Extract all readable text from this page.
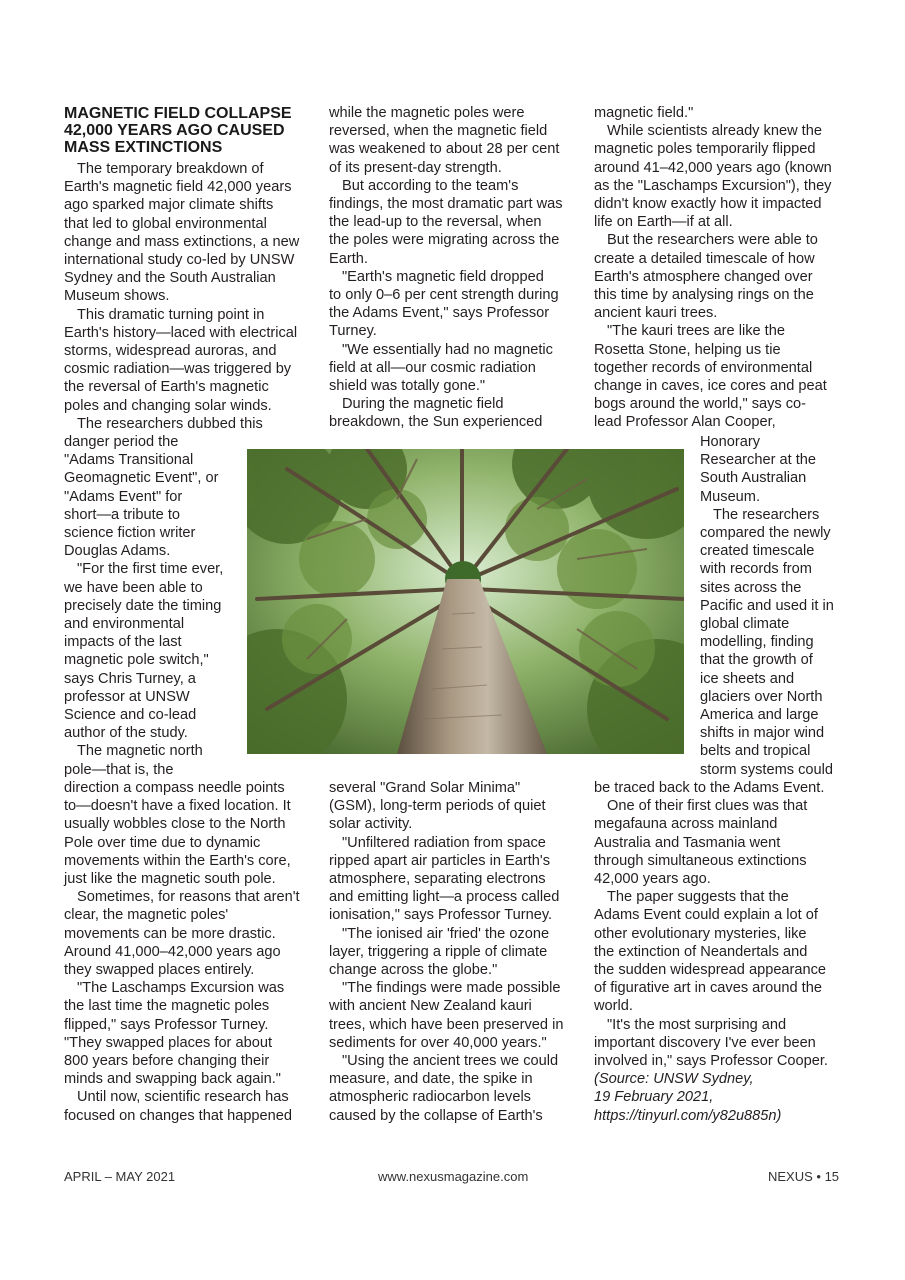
MAGNETIC FIELD COLLAPSE
42,000 YEARS AGO CAUSED
MASS EXTINCTIONS
The temporary breakdown of
Earth's magnetic field 42,000 years
ago sparked major climate shifts
that led to global environmental
change and mass extinctions, a new
international study co-led by UNSW
Sydney and the South Australian
Museum shows.
This dramatic turning point in
Earth's history—laced with electrical
storms, widespread auroras, and
cosmic radiation—was triggered by
the reversal of Earth's magnetic
poles and changing solar winds.
The researchers dubbed this
danger period the
"Adams Transitional
Geomagnetic Event", or
"Adams Event" for
short—a tribute to
science fiction writer
Douglas Adams.
"For the first time ever,
we have been able to
precisely date the timing
and environmental
impacts of the last
magnetic pole switch,"
says Chris Turney, a
professor at UNSW
Science and co-lead
author of the study.
The magnetic north
pole—that is, the
direction a compass needle points
to—doesn't have a fixed location. It
usually wobbles close to the North
Pole over time due to dynamic
movements within the Earth's core,
just like the magnetic south pole.
Sometimes, for reasons that aren't
clear, the magnetic poles'
movements can be more drastic.
Around 41,000–42,000 years ago
they swapped places entirely.
"The Laschamps Excursion was
the last time the magnetic poles
flipped," says Professor Turney.
"They swapped places for about
800 years before changing their
minds and swapping back again."
Until now, scientific research has
focused on changes that happened
while the magnetic poles were
reversed, when the magnetic field
was weakened to about 28 per cent
of its present-day strength.
But according to the team's
findings, the most dramatic part was
the lead-up to the reversal, when
the poles were migrating across the
Earth.
"Earth's magnetic field dropped
to only 0–6 per cent strength during
the Adams Event," says Professor
Turney.
"We essentially had no magnetic
field at all—our cosmic radiation
shield was totally gone."
During the magnetic field
breakdown, the Sun experienced
several "Grand Solar Minima"
(GSM), long-term periods of quiet
solar activity.
"Unfiltered radiation from space
ripped apart air particles in Earth's
atmosphere, separating electrons
and emitting light—a process called
ionisation," says Professor Turney.
"The ionised air 'fried' the ozone
layer, triggering a ripple of climate
change across the globe."
"The findings were made possible
with ancient New Zealand kauri
trees, which have been preserved in
sediments for over 40,000 years."
"Using the ancient trees we could
measure, and date, the spike in
atmospheric radiocarbon levels
caused by the collapse of Earth's
magnetic field."
While scientists already knew the
magnetic poles temporarily flipped
around 41–42,000 years ago (known
as the "Laschamps Excursion"), they
didn't know exactly how it impacted
life on Earth—if at all.
But the researchers were able to
create a detailed timescale of how
Earth's atmosphere changed over
this time by analysing rings on the
ancient kauri trees.
"The kauri trees are like the
Rosetta Stone, helping us tie
together records of environmental
change in caves, ice cores and peat
bogs around the world," says co-
lead Professor Alan Cooper,
Honorary
Researcher at the
South Australian
Museum.
The researchers
compared the newly
created timescale
with records from
sites across the
Pacific and used it in
global climate
modelling, finding
that the growth of
ice sheets and
glaciers over North
America and large
shifts in major wind
belts and tropical
storm systems could
be traced back to the Adams Event.
One of their first clues was that
megafauna across mainland
Australia and Tasmania went
through simultaneous extinctions
42,000 years ago.
The paper suggests that the
Adams Event could explain a lot of
other evolutionary mysteries, like
the extinction of Neandertals and
the sudden widespread appearance
of figurative art in caves around the
world.
"It's the most surprising and
important discovery I've ever been
involved in," says Professor Cooper.
(Source: UNSW Sydney,
19 February 2021,
https://tinyurl.com/y82u885n)
APRIL – MAY 2021	www.nexusmagazine.com	NEXUS • 15
